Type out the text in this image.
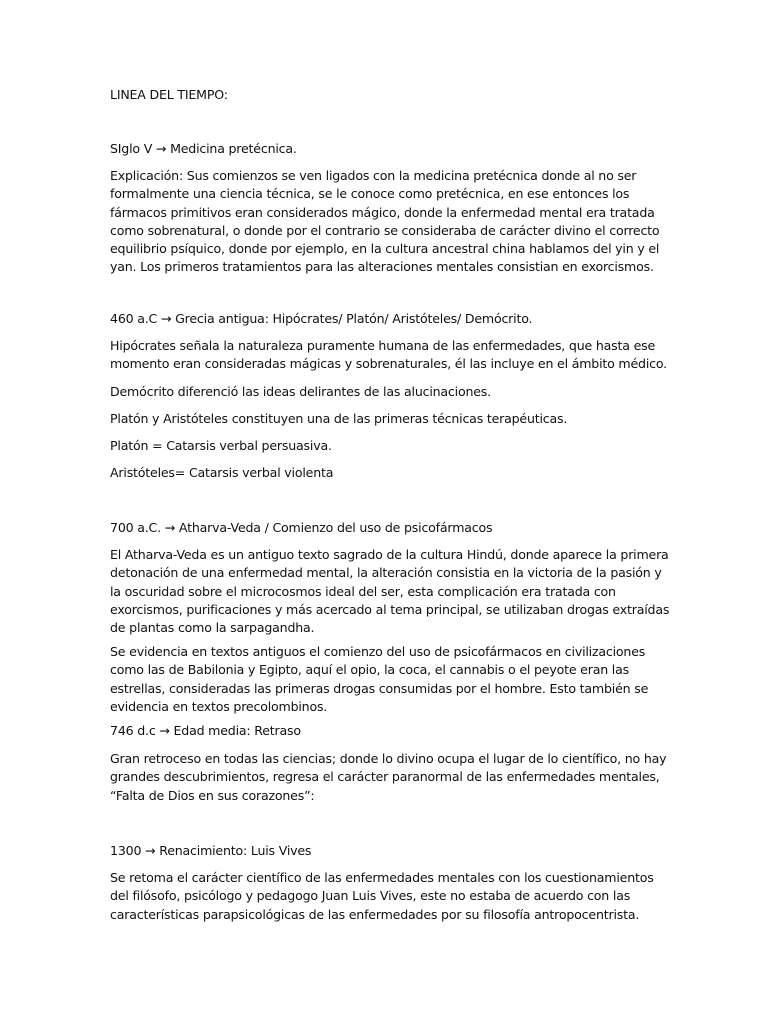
LINEA DEL TIEMPO:

SIglo V → Medicina pretécnica.

Explicación: Sus comienzos se ven ligados con la medicina pretécnica donde al no ser formalmente una ciencia técnica, se le conoce como pretécnica, en ese entonces los fármacos primitivos eran considerados mágico, donde la enfermedad mental era tratada como sobrenatural, o donde por el contrario se consideraba de carácter divino el correcto equilibrio psíquico, donde por ejemplo, en la cultura ancestral china hablamos del yin y el yan. Los primeros tratamientos para las alteraciones mentales consistian en exorcismos.

460 a.C → Grecia antigua: Hipócrates/ Platón/ Aristóteles/ Demócrito.

Hipócrates señala la naturaleza puramente humana de las enfermedades, que hasta ese momento eran consideradas mágicas y sobrenaturales, él las incluye en el ámbito médico.

Demócrito diferenció las ideas delirantes de las alucinaciones.

Platón y Aristóteles constituyen una de las primeras técnicas terapéuticas.

Platón = Catarsis verbal persuasiva.

Aristóteles= Catarsis verbal violenta

700 a.C. → Atharva-Veda / Comienzo del uso de psicofármacos

El Atharva-Veda es un antiguo texto sagrado de la cultura Hindú, donde aparece la primera detonación de una enfermedad mental, la alteración consistia en la victoria de la pasión y la oscuridad sobre el microcosmos ideal del ser, esta complicación era tratada con exorcismos, purificaciones y más acercado al tema principal, se utilizaban drogas extraídas de plantas como la sarpagandha.

Se evidencia en textos antiguos el comienzo del uso de psicofármacos en civilizaciones como las de Babilonia y Egipto, aquí el opio, la coca, el cannabis o el peyote eran las estrellas, consideradas las primeras drogas consumidas por el hombre. Esto también se evidencia en textos precolombinos.

746 d.c → Edad media: Retraso

Gran retroceso en todas las ciencias; donde lo divino ocupa el lugar de lo científico, no hay grandes descubrimientos, regresa el carácter paranormal de las enfermedades mentales, “Falta de Dios en sus corazones”:

1300 → Renacimiento: Luis Vives

Se retoma el carácter científico de las enfermedades mentales con los cuestionamientos del filósofo, psicólogo y pedagogo Juan Luis Vives, este no estaba de acuerdo con las características parapsicológicas de las enfermedades por su filosofía antropocentrista.
